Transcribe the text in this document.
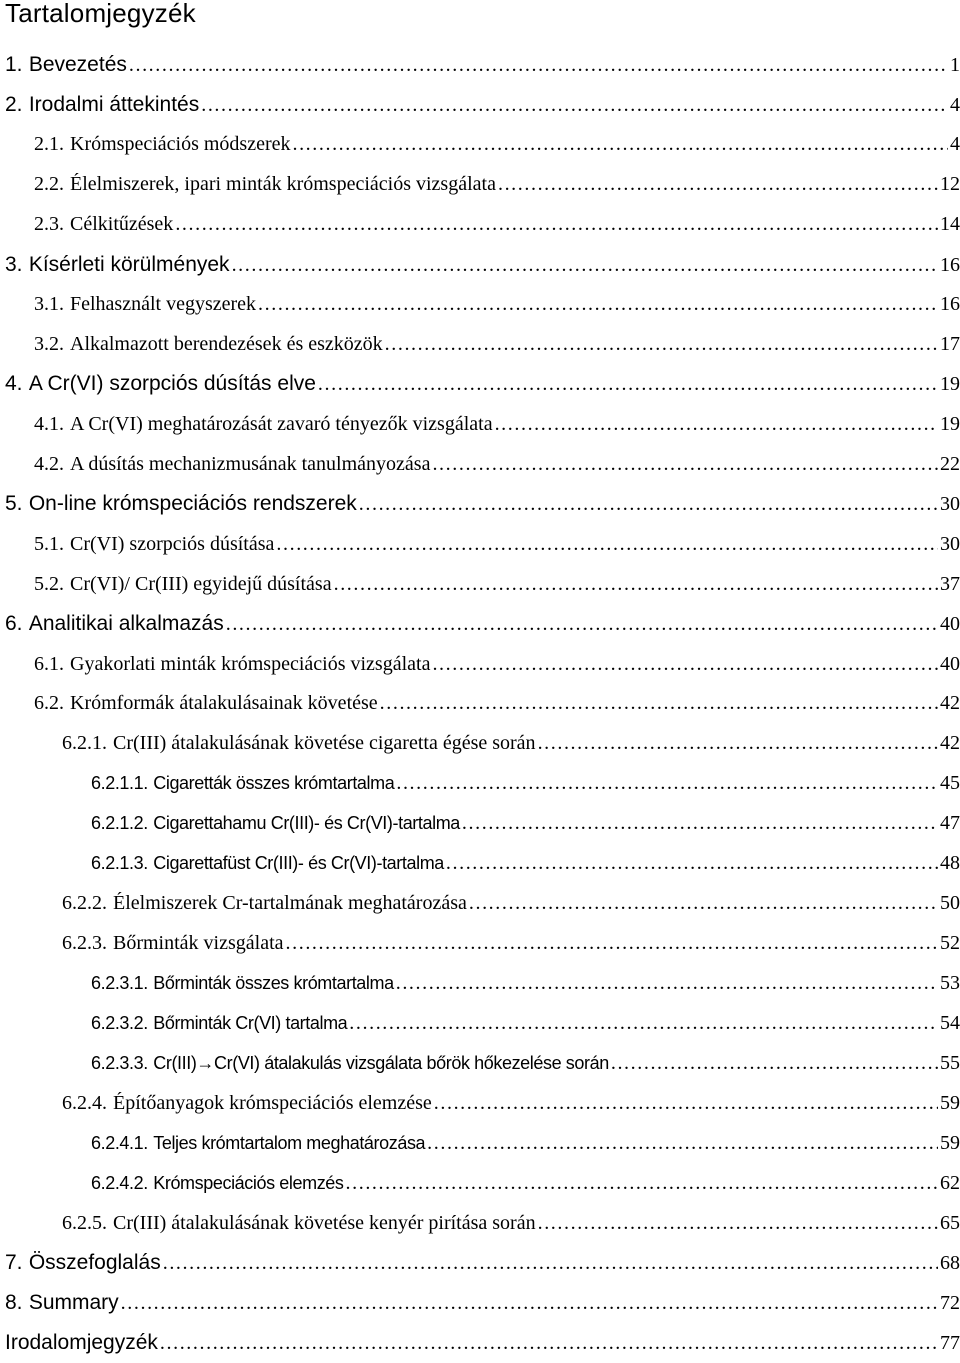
Tartalomjegyzék
1. Bevezetés .....	1
2. Irodalmi áttekintés .....	4
2.1. Krómspeciációs módszerek .....	4
2.2. Élelmiszerek, ipari minták krómspeciációs vizsgálata .....	12
2.3. Célkitűzések .....	14
3. Kísérleti körülmények .....	16
3.1. Felhasznált vegyszerek .....	16
3.2. Alkalmazott berendezések és eszközök .....	17
4. A Cr(VI) szorpciós dúsítás elve .....	19
4.1. A Cr(VI) meghatározását zavaró tényezők vizsgálata .....	19
4.2. A dúsítás mechanizmusának tanulmányozása .....	22
5. On-line krómspeciációs rendszerek .....	30
5.1. Cr(VI) szorpciós dúsítása .....	30
5.2. Cr(VI)/ Cr(III) egyidejű dúsítása .....	37
6. Analitikai alkalmazás .....	40
6.1. Gyakorlati minták krómspeciációs vizsgálata .....	40
6.2. Krómformák átalakulásainak követése .....	42
6.2.1. Cr(III) átalakulásának követése cigaretta égése során .....	42
6.2.1.1. Cigaretták összes krómtartalma .....	45
6.2.1.2. Cigarettahamu Cr(III)- és Cr(VI)-tartalma .....	47
6.2.1.3. Cigarettafüst Cr(III)- és Cr(VI)-tartalma .....	48
6.2.2. Élelmiszerek Cr-tartalmának meghatározása .....	50
6.2.3. Bőrminták vizsgálata .....	52
6.2.3.1. Bőrminták összes krómtartalma .....	53
6.2.3.2. Bőrminták Cr(VI) tartalma .....	54
6.2.3.3. Cr(III)→Cr(VI) átalakulás vizsgálata bőrök hőkezelése során .....	55
6.2.4. Építőanyagok krómspeciációs elemzése .....	59
6.2.4.1. Teljes krómtartalom meghatározása .....	59
6.2.4.2. Krómspeciációs elemzés .....	62
6.2.5. Cr(III) átalakulásának követése kenyér pirítása során .....	65
7. Összefoglalás .....	68
8. Summary .....	72
Irodalomjegyzék .....	77
